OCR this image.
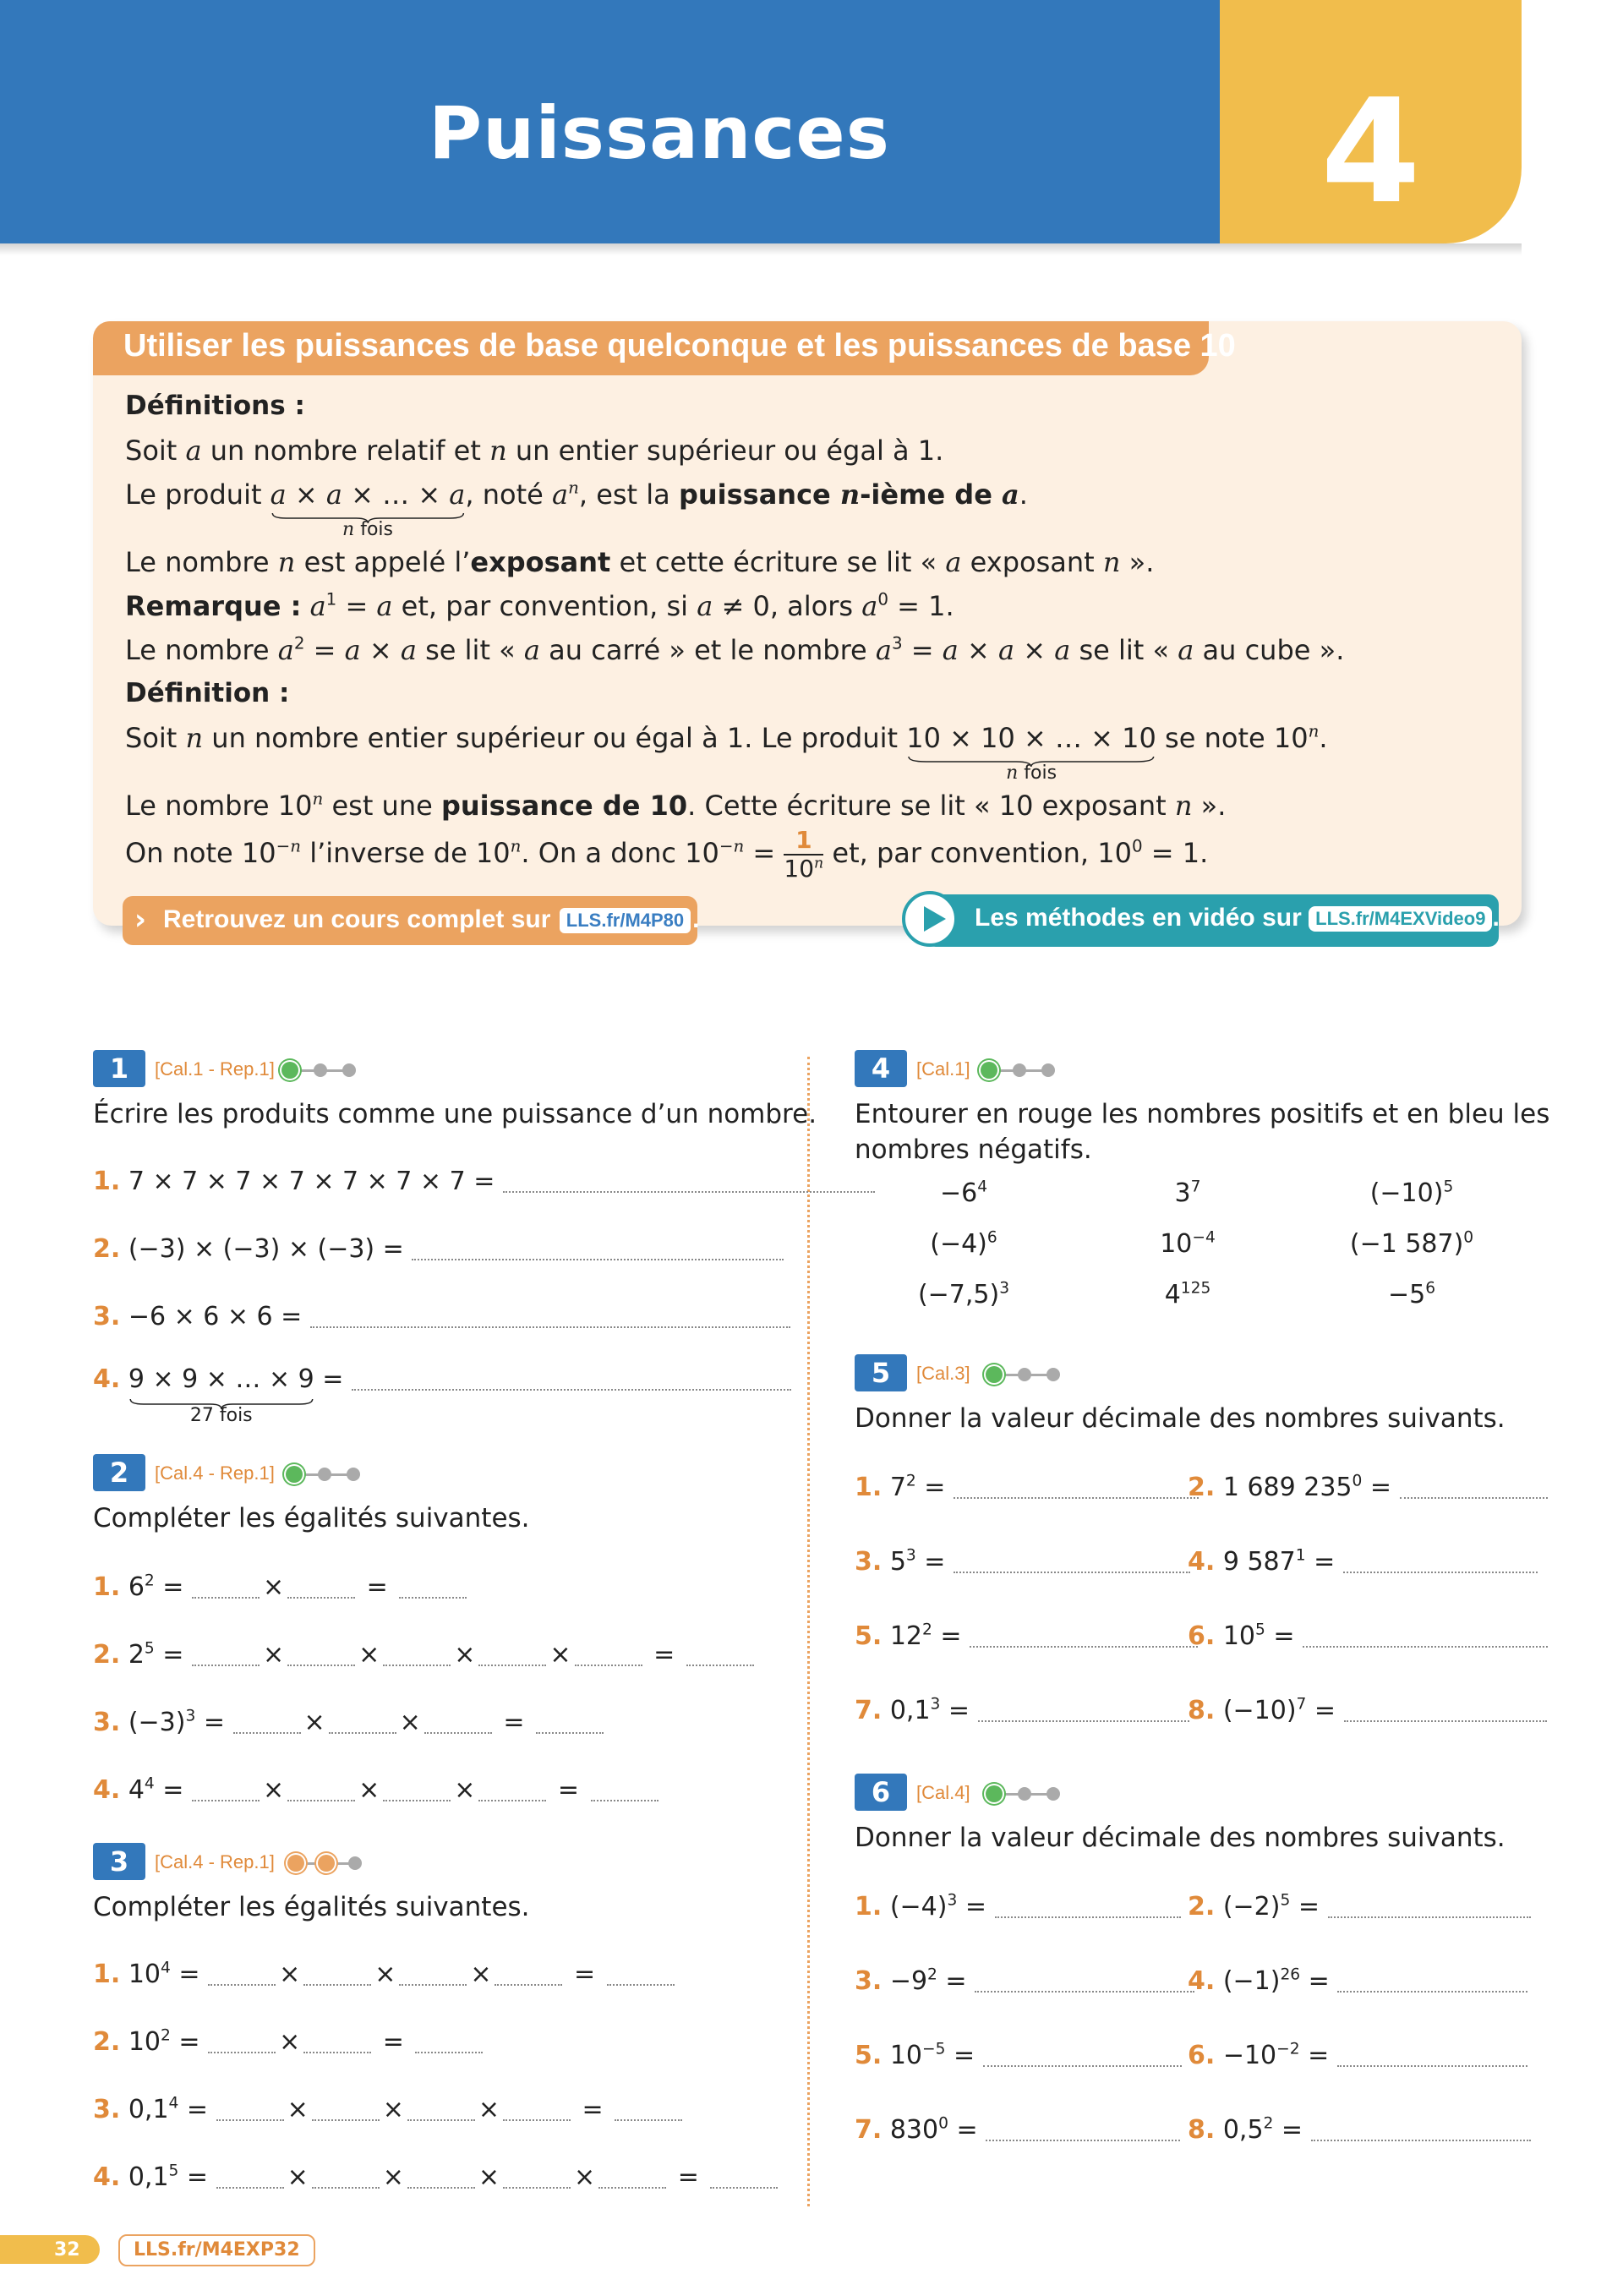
Puissances	4
Utiliser les puissances de base quelconque et les puissances de base 10
Définitions :
Soit a un nombre relatif et n un entier supérieur ou égal à 1.
Le produit a × a × … × a
n fois
, noté $a^n$, est la puissance n-ième de a.
Le nombre n est appelé l’exposant et cette écriture se lit « a exposant n ».
Remarque : $a^1 = a$ et, par convention, si a ≠ 0, alors $a^0 = 1$.
Le nombre $a^2 = a \times a$ se lit « a au carré » et le nombre $a^3 = a \times a \times a$ se lit « a au cube ».
Définition :
Soit n un nombre entier supérieur ou égal à 1. Le produit 10 × 10 × … × 10
n fois
se note 10$^n$.
Le nombre 10$^n$ est une puissance de 10. Cette écriture se lit « 10 exposant n ».
On note $10^{-n}$ l’inverse de 10$^n$. On a donc $10^{-n} = \frac{1}{10^n}$ et, par convention, $10^0 = 1$.
› Retrouvez un cours complet sur LLS.fr/M4P80 .	Les méthodes en vidéo sur LLS.fr/M4EXVideo9 .
1	[Cal.1 - Rep.1]
Écrire les produits comme une puissance d’un nombre.
1. 7 × 7 × 7 × 7 × 7 × 7 × 7 =
2. (−3) × (−3) × (−3) =
3. −6 × 6 × 6 =
4. 9 × 9 × … × 9
27 fois
=
2	[Cal.4 - Rep.1]
Compléter les égalités suivantes.
1. $6^2$ =	×	=
2. $2^5$ =	×	×	×	×	=
3. $(-3)^3$ =	×	×	=
4. $4^4$ =	×	×	×	=
3	[Cal.4 - Rep.1]
Compléter les égalités suivantes.
1. $10^4$ =	×	×	×	=
2. $10^2$ =	×	=
3. $0,1^4$ =	×	×	×	=
4. $0,1^5$ =	×	×	×	×	=
4	[Cal.1]
Entourer en rouge les nombres positifs et en bleu les
nombres négatifs.
$-6^4$	$3^7$	$(-10)^5$
$(-4)^6$	$10^{-4}$	(−1 587)$^0$
$(-7,5)^3$	$4^{125}$	$-5^6$
5	[Cal.3]
Donner la valeur décimale des nombres suivants.
1. $7^2$ =	2. 1 689 $235^0$ =
3. $5^3$ =	4. 9 $587^1$ =
5. $12^2$ =	6. $10^5$ =
7. $0,1^3$ =	8. $(-10)^7$ =
6	[Cal.4]
Donner la valeur décimale des nombres suivants.
1. $(-4)^3$ =	2. $(-2)^5$ =
3. $-9^2$ =	4. $(-1)^{26}$ =
5. $10^{-5}$ =	6. $-10^{-2}$ =
7. $830^0$ =	8. $0,5^2$ =
32	LLS.fr/M4EXP32
